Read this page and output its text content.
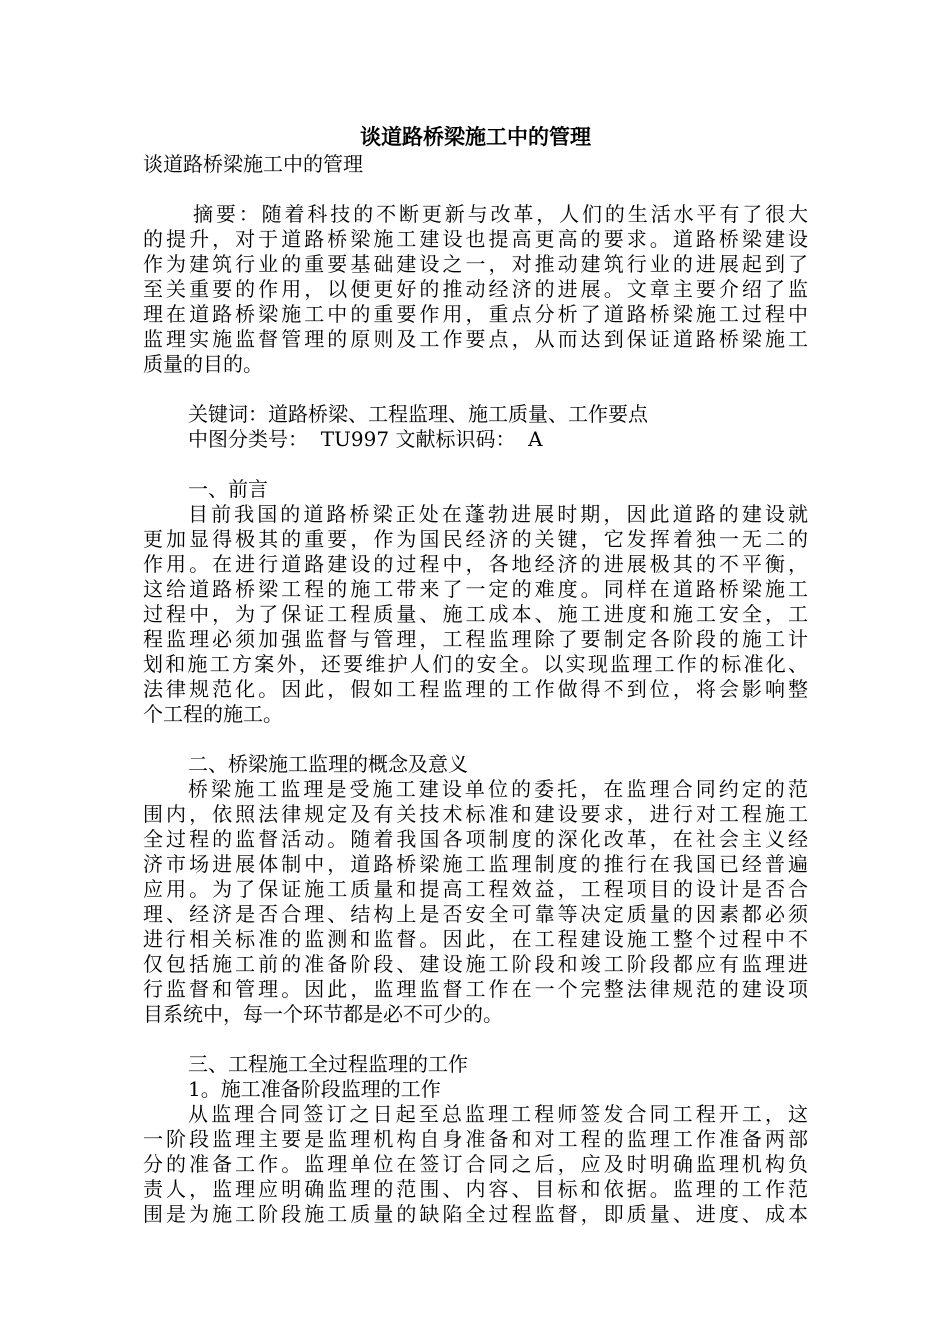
谈道路桥梁施工中的管理
谈道路桥梁施工中的管理
摘要：随着科技的不断更新与改革，人们的生活水平有了很大
的提升，对于道路桥梁施工建设也提高更高的要求。道路桥梁建设
作为建筑行业的重要基础建设之一，对推动建筑行业的进展起到了
至关重要的作用，以便更好的推动经济的进展。文章主要介绍了监
理在道路桥梁施工中的重要作用，重点分析了道路桥梁施工过程中
监理实施监督管理的原则及工作要点，从而达到保证道路桥梁施工
质量的目的。
关键词：道路桥梁、工程监理、施工质量、工作要点
中图分类号：  TU997 文献标识码：  A
一、前言
目前我国的道路桥梁正处在蓬勃进展时期，因此道路的建设就
更加显得极其的重要，作为国民经济的关键，它发挥着独一无二的
作用。在进行道路建设的过程中，各地经济的进展极其的不平衡，
这给道路桥梁工程的施工带来了一定的难度。同样在道路桥梁施工
过程中，为了保证工程质量、施工成本、施工进度和施工安全，工
程监理必须加强监督与管理，工程监理除了要制定各阶段的施工计
划和施工方案外，还要维护人们的安全。以实现监理工作的标准化、
法律规范化。因此，假如工程监理的工作做得不到位，将会影响整
个工程的施工。
二、桥梁施工监理的概念及意义
桥梁施工监理是受施工建设单位的委托，在监理合同约定的范
围内，依照法律规定及有关技术标准和建设要求，进行对工程施工
全过程的监督活动。随着我国各项制度的深化改革，在社会主义经
济市场进展体制中，道路桥梁施工监理制度的推行在我国已经普遍
应用。为了保证施工质量和提高工程效益，工程项目的设计是否合
理、经济是否合理、结构上是否安全可靠等决定质量的因素都必须
进行相关标准的监测和监督。因此，在工程建设施工整个过程中不
仅包括施工前的准备阶段、建设施工阶段和竣工阶段都应有监理进
行监督和管理。因此，监理监督工作在一个完整法律规范的建设项
目系统中，每一个环节都是必不可少的。
三、工程施工全过程监理的工作
1。施工准备阶段监理的工作
从监理合同签订之日起至总监理工程师签发合同工程开工，这
一阶段监理主要是监理机构自身准备和对工程的监理工作准备两部
分的准备工作。监理单位在签订合同之后，应及时明确监理机构负
责人，监理应明确监理的范围、内容、目标和依据。监理的工作范
围是为施工阶段施工质量的缺陷全过程监督，即质量、进度、成本
